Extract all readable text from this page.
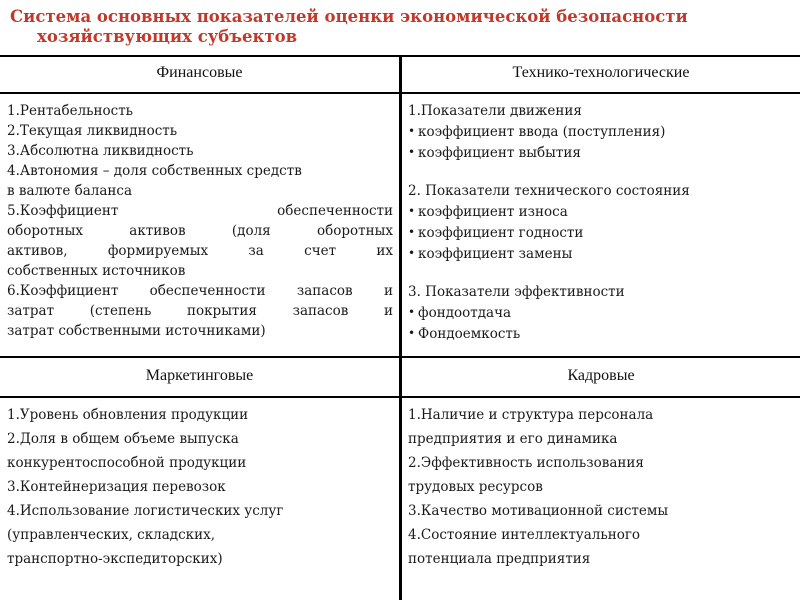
Система основных показателей оценки экономической безопасности
хозяйствующих субъектов
Финансовые	Технико-технологические
1.Рентабельность
2.Текущая ликвидность
3.Абсолютна ликвидность
4.Автономия – доля собственных средств
в валюте баланса
5.Коэффициент обеспеченности
оборотных активов (доля оборотных
активов, формируемых за счет их
собственных источников
6.Коэффициент обеспеченности запасов и
затрат (степень покрытия запасов и
затрат собственными источниками)
1.Показатели движения
• коэффициент ввода (поступления)
• коэффициент выбытия
2. Показатели технического состояния
• коэффициент износа
• коэффициент годности
• коэффициент замены
3. Показатели эффективности
• фондоотдача
• Фондоемкость
Маркетинговые	Кадровые
1.Уровень обновления продукции
2.Доля в общем объеме выпуска
конкурентоспособной продукции
3.Контейнеризация перевозок
4.Использование логистических услуг
(управленческих, складских,
транспортно-экспедиторских)
1.Наличие и структура персонала
предприятия и его динамика
2.Эффективность использования
трудовых ресурсов
3.Качество мотивационной системы
4.Состояние интеллектуального
потенциала предприятия
